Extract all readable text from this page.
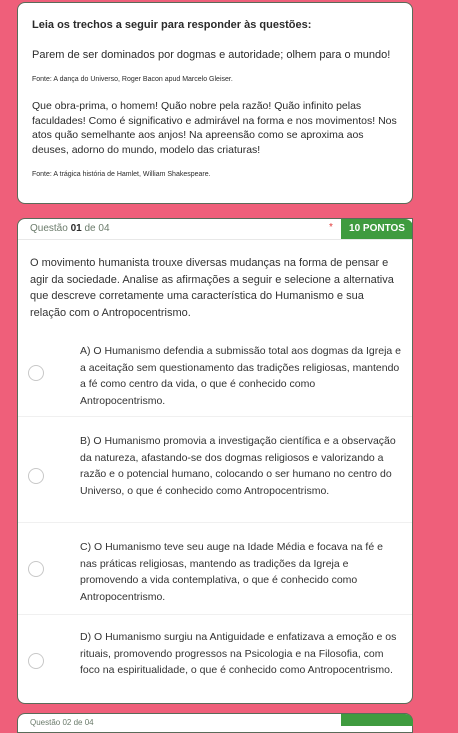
Leia os trechos a seguir para responder às questões:

Parem de ser dominados por dogmas e autoridade; olhem para o mundo!

Fonte: A dança do Universo, Roger Bacon apud Marcelo Gleiser.

Que obra-prima, o homem! Quão nobre pela razão! Quão infinito pelas faculdades! Como é significativo e admirável na forma e nos movimentos! Nos atos quão semelhante aos anjos! Na apreensão como se aproxima aos deuses, adorno do mundo, modelo das criaturas!

Fonte: A trágica história de Hamlet, William Shakespeare.

Questão 01 de 04	*	10 PONTOS
O movimento humanista trouxe diversas mudanças na forma de pensar e agir da sociedade. Analise as afirmações a seguir e selecione a alternativa que descreve corretamente uma característica do Humanismo e sua relação com o Antropocentrismo.
A) O Humanismo defendia a submissão total aos dogmas da Igreja e a aceitação sem questionamento das tradições religiosas, mantendo a fé como centro da vida, o que é conhecido como Antropocentrismo.
B) O Humanismo promovia a investigação científica e a observação da natureza, afastando-se dos dogmas religiosos e valorizando a razão e o potencial humano, colocando o ser humano no centro do Universo, o que é conhecido como Antropocentrismo.
C) O Humanismo teve seu auge na Idade Média e focava na fé e nas práticas religiosas, mantendo as tradições da Igreja e promovendo a vida contemplativa, o que é conhecido como Antropocentrismo.
D) O Humanismo surgiu na Antiguidade e enfatizava a emoção e os rituais, promovendo progressos na Psicologia e na Filosofia, com foco na espiritualidade, o que é conhecido como Antropocentrismo.
Questão 02 de 04
